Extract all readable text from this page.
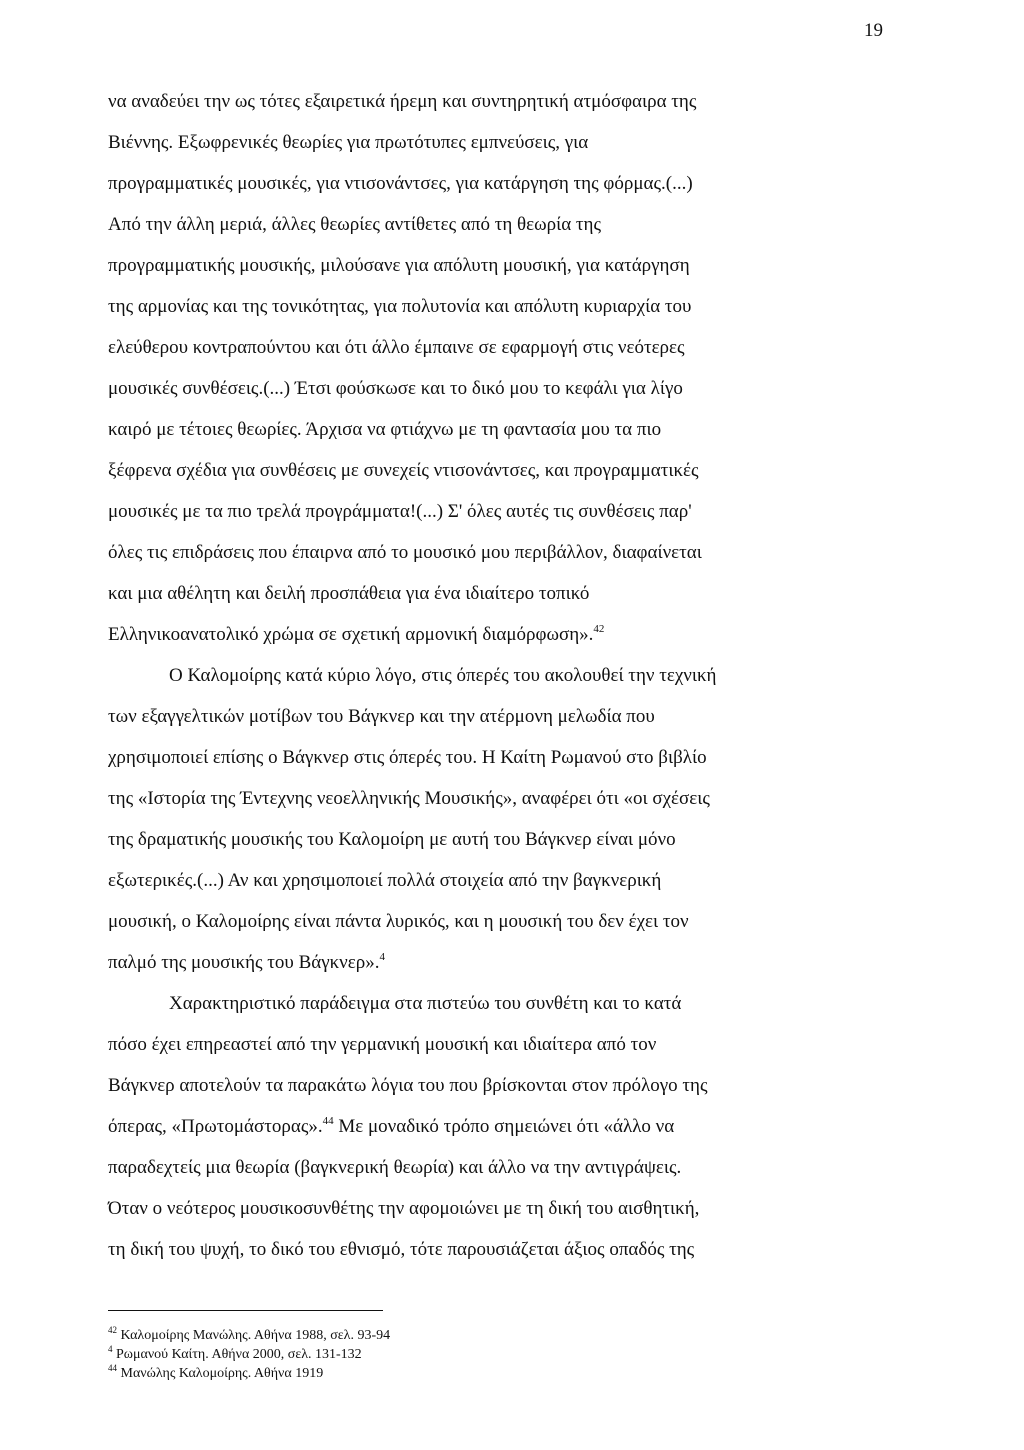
19
να αναδεύει την ως τότες εξαιρετικά ήρεμη και συντηρητική ατμόσφαιρα της
Βιέννης. Εξωφρενικές θεωρίες για πρωτότυπες εμπνεύσεις, για
προγραμματικές μουσικές, για ντισονάντσες, για κατάργηση της φόρμας.(...)
Από την άλλη μεριά, άλλες θεωρίες αντίθετες από τη θεωρία της
προγραμματικής μουσικής, μιλούσανε για απόλυτη μουσική, για κατάργηση
της αρμονίας και της τονικότητας, για πολυτονία και απόλυτη κυριαρχία του
ελεύθερου κοντραπούντου και ότι άλλο έμπαινε σε εφαρμογή στις νεότερες
μουσικές συνθέσεις.(...) Έτσι φούσκωσε και το δικό μου το κεφάλι για λίγο
καιρό με τέτοιες θεωρίες. Άρχισα να φτιάχνω με τη φαντασία μου τα πιο
ξέφρενα σχέδια για συνθέσεις με συνεχείς ντισονάντσες, και προγραμματικές
μουσικές με τα πιο τρελά προγράμματα!(...) Σ' όλες αυτές τις συνθέσεις παρ'
όλες τις επιδράσεις που έπαιρνα από το μουσικό μου περιβάλλον, διαφαίνεται
και μια αθέλητη και δειλή προσπάθεια για ένα ιδιαίτερο τοπικό
Ελληνικοανατολικό χρώμα σε σχετική αρμονική διαμόρφωση».$^{42}$
Ο Καλομοίρης κατά κύριο λόγο, στις όπερές του ακολουθεί την τεχνική
των εξαγγελτικών μοτίβων του Βάγκνερ και την ατέρμονη μελωδία που
χρησιμοποιεί επίσης ο Βάγκνερ στις όπερές του. Η Καίτη Ρωμανού στο βιβλίο
της «Ιστορία της Έντεχνης νεοελληνικής Μουσικής», αναφέρει ότι «οι σχέσεις
της δραματικής μουσικής του Καλομοίρη με αυτή του Βάγκνερ είναι μόνο
εξωτερικές.(...) Αν και χρησιμοποιεί πολλά στοιχεία από την βαγκνερική
μουσική, ο Καλομοίρης είναι πάντα λυρικός, και η μουσική του δεν έχει τον
παλμό της μουσικής του Βάγκνερ».$^4$
Χαρακτηριστικό παράδειγμα στα πιστεύω του συνθέτη και το κατά
πόσο έχει επηρεαστεί από την γερμανική μουσική και ιδιαίτερα από τον
Βάγκνερ αποτελούν τα παρακάτω λόγια του που βρίσκονται στον πρόλογο της
όπερας, «Πρωτομάστορας».$^{44}$ Με μοναδικό τρόπο σημειώνει ότι «άλλο να
παραδεχτείς μια θεωρία (βαγκνερική θεωρία) και άλλο να την αντιγράψεις.
Όταν ο νεότερος μουσικοσυνθέτης την αφομοιώνει με τη δική του αισθητική,
τη δική του ψυχή, το δικό του εθνισμό, τότε παρουσιάζεται άξιος οπαδός της
$^{42}$ Καλομοίρης Μανώλης. Αθήνα 1988, σελ. 93-94
$^4$ Ρωμανού Καίτη. Αθήνα 2000, σελ. 131-132
$^{44}$ Μανώλης Καλομοίρης. Αθήνα 1919
